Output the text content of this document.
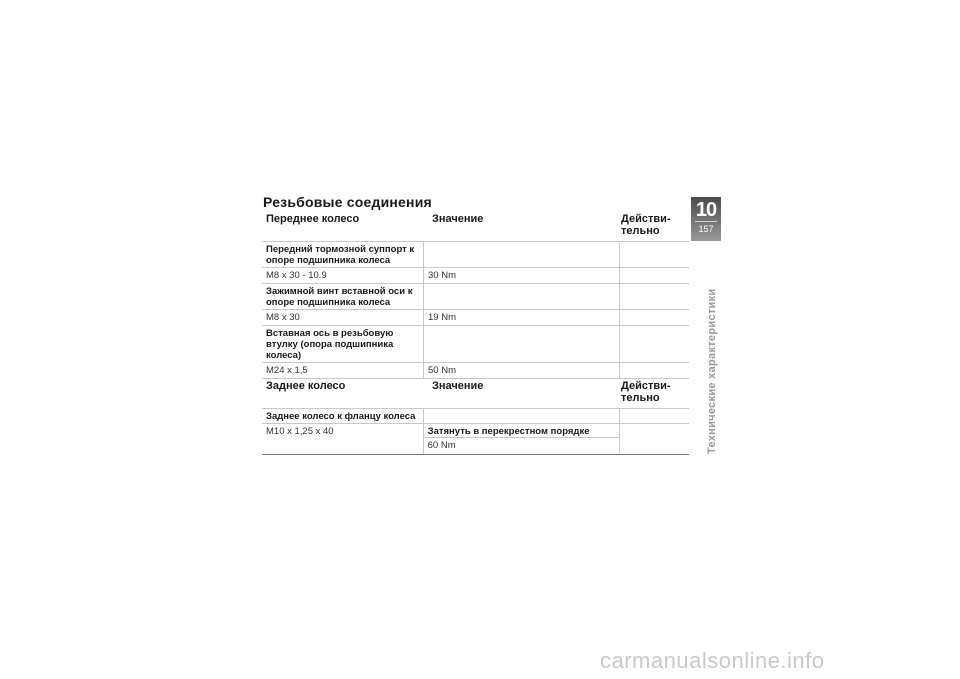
Резьбовые соединения
Переднее колесо	Значение	Действи-
тельно
Передний тормозной суппорт к
опоре подшипника колеса
M8 x 30 - 10.9	30 Nm
Зажимной винт вставной оси к
опоре подшипника колеса
M8 x 30	19 Nm
Вставная ось в резьбовую
втулку (опора подшипника
колеса)
M24 x 1,5	50 Nm
Заднее колесо	Значение	Действи-
тельно
Заднее колесо к фланцу колеса
M10 x 1,25 x 40	Затянуть в перекрестном порядке
60 Nm
10
157
Технические характеристики
carmanualsonline.info
